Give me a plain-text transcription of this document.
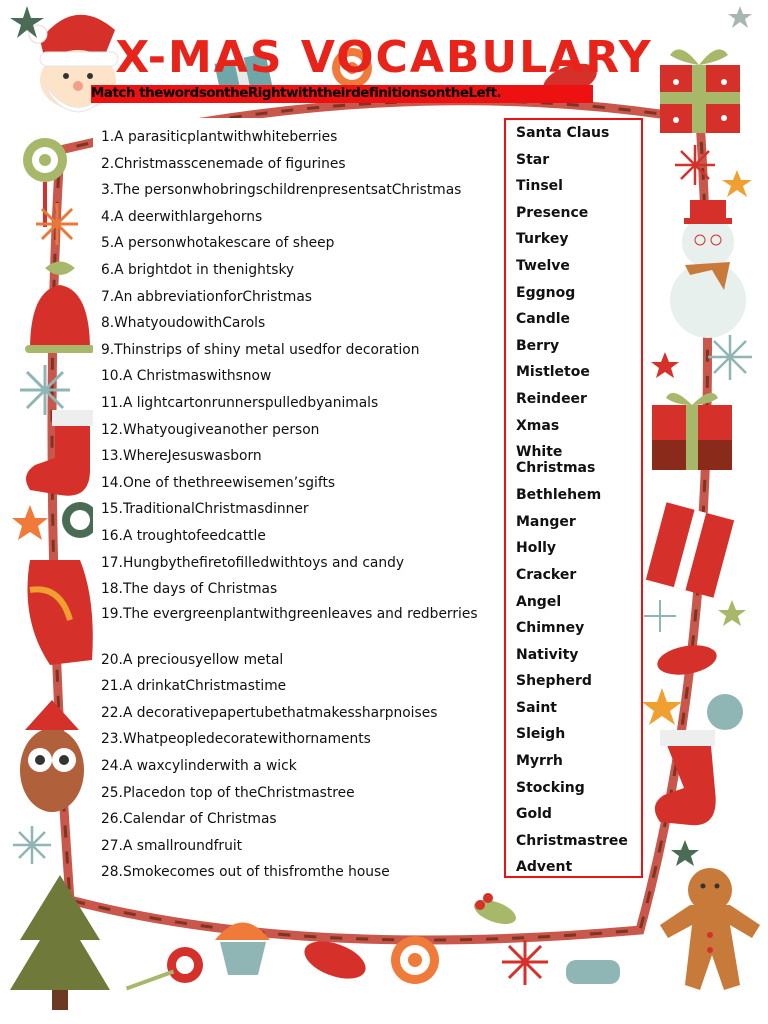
X-MAS VOCABULARY
Match thewordsontheRightwiththeirdefinitionsontheLeft.
1.A parasiticplantwithwhiteberries
2.Christmasscenemade of figurines
3.The personwhobringschildrenpresentsatChristmas
4.A deerwithlargehorns
5.A personwhotakescare of sheep
6.A brightdot in thenightsky
7.An abbreviationforChristmas
8.WhatyoudowithCarols
9.Thinstrips of shiny metal usedfor decoration
10.A Christmaswithsnow
11.A lightcartonrunnerspulledbyanimals
12.Whatyougiveanother person
13.WhereJesuswasborn
14.One of thethreewisemen’sgifts
15.TraditionalChristmasdinner
16.A troughtofeedcattle
17.Hungbythefiretofilledwithtoys and candy
18.The days of Christmas
19.The evergreenplantwithgreenleaves and redberries
20.A preciousyellow metal
21.A drinkatChristmastime
22.A decorativepapertubethatmakessharpnoises
23.Whatpeopledecoratewithornaments
24.A waxcylinderwith a wick
25.Placedon top of theChristmastree
26.Calendar of Christmas
27.A smallroundfruit
28.Smokecomes out of thisfromthe house
Santa Claus
Star
Tinsel
Presence
Turkey
Twelve
Eggnog
Candle
Berry
Mistletoe
Reindeer
Xmas
White Christmas
Bethlehem
Manger
Holly
Cracker
Angel
Chimney
Nativity
Shepherd
Saint
Sleigh
Myrrh
Stocking
Gold
Christmastree
Advent
